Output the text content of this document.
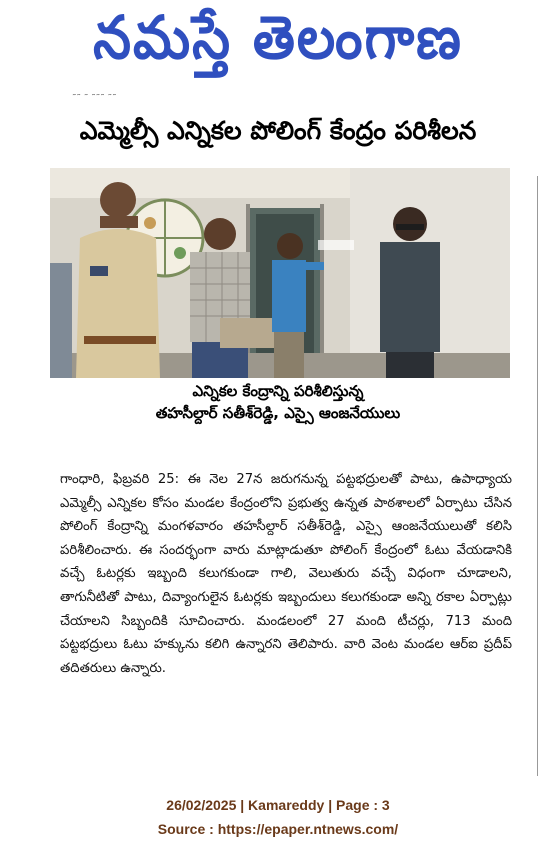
నమస్తే తెలంగాణ
˜˜ ˜ ˜˜˜ ˜˜
ఎమ్మెల్సీ ఎన్నికల పోలింగ్ కేంద్రం పరిశీలన
ఎన్నికల కేంద్రాన్ని పరిశీలిస్తున్న
తహసీల్దార్ సతీశ్‌రెడ్డి, ఎస్సై ఆంజనేయులు
గాంధారి, ఫిబ్రవరి 25: ఈ నెల 27న జరుగనున్న పట్టభద్రులతో పాటు, ఉపాధ్యాయ ఎమ్మెల్సీ ఎన్నికల కోసం మండల కేంద్రంలోని ప్రభుత్వ ఉన్నత పాఠశాలలో ఏర్పాటు చేసిన పోలింగ్ కేంద్రాన్ని మంగళవారం తహసీల్దార్ సతీశ్‌రెడ్డి, ఎస్సై ఆంజనేయులుతో కలిసి పరిశీలించారు. ఈ సందర్భంగా వారు మాట్లాడుతూ పోలింగ్ కేంద్రంలో ఓటు వేయడానికి వచ్చే ఓటర్లకు ఇబ్బంది కలుగకుండా గాలి, వెలుతురు వచ్చే విధంగా చూడాలని, తాగునీటితో పాటు, దివ్యాంగులైన ఓటర్లకు ఇబ్బందులు కలుగకుండా అన్ని రకాల ఏర్పాట్లు చేయాలని సిబ్బందికి సూచించారు. మండలంలో 27 మంది టీచర్లు, 713 మంది పట్టభద్రులు ఓటు హక్కును కలిగి ఉన్నారని తెలిపారు. వారి వెంట మండల ఆర్ఐ ప్రదీప్ తదితరులు ఉన్నారు.
26/02/2025 | Kamareddy | Page : 3
Source : https://epaper.ntnews.com/
